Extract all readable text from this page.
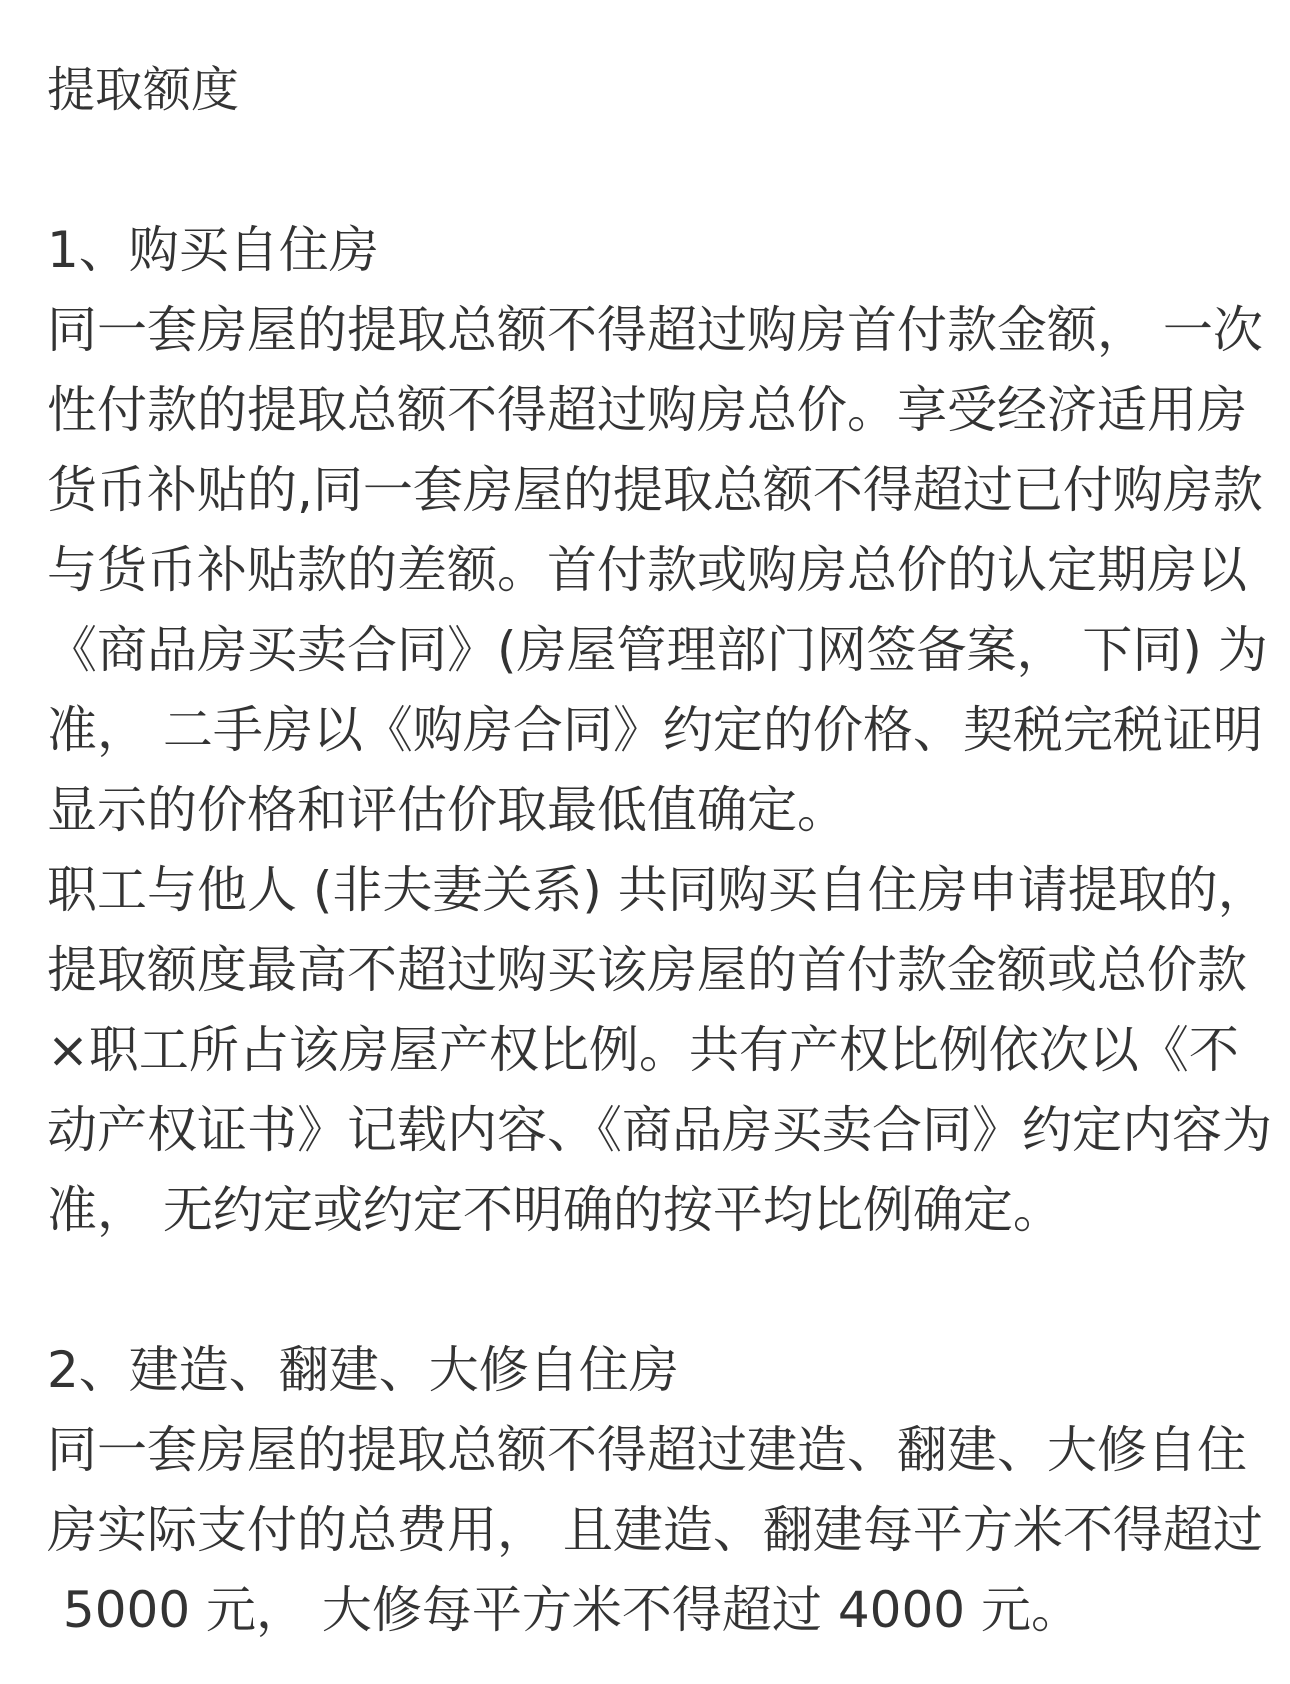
提取额度
1、购买自住房

同一套房屋的提取总额不得超过购房首付款金额， 一次
性付款的提取总额不得超过购房总价。享受经济适用房
货币补贴的,同一套房屋的提取总额不得超过已付购房款
与货币补贴款的差额。首付款或购房总价的认定期房以
《商品房买卖合同》(房屋管理部门网签备案， 下同) 为
准， 二手房以《购房合同》约定的价格、契税完税证明
显示的价格和评估价取最低值确定。

职工与他人 (非夫妻关系) 共同购买自住房申请提取的，
提取额度最高不超过购买该房屋的首付款金额或总价款
×职工所占该房屋产权比例。共有产权比例依次以《不
动产权证书》记载内容、《商品房买卖合同》约定内容为
准， 无约定或约定不明确的按平均比例确定。

2、建造、翻建、大修自住房

同一套房屋的提取总额不得超过建造、翻建、大修自住
房实际支付的总费用， 且建造、翻建每平方米不得超过
5000 元， 大修每平方米不得超过 4000 元。
